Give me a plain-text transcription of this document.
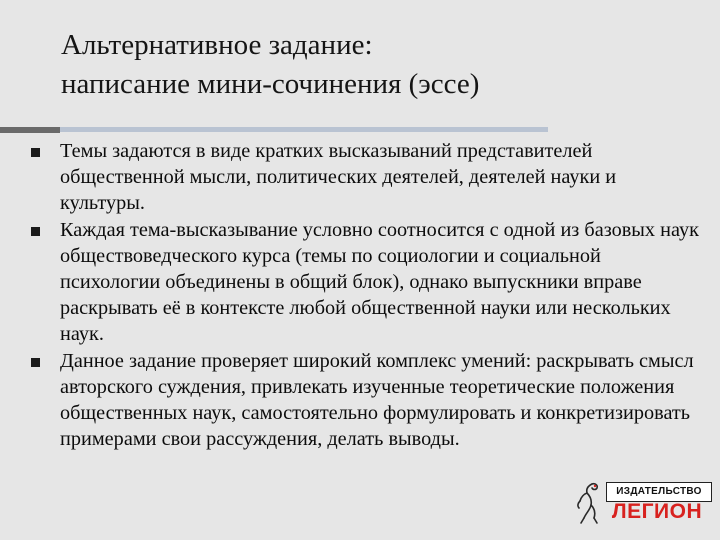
Альтернативное задание:
написание мини-сочинения (эссе)
Темы задаются в виде кратких высказываний представителей общественной мысли, политических деятелей, деятелей науки и культуры.
Каждая тема-высказывание условно соотносится с одной из базовых наук обществоведческого курса (темы по социологии и социальной психологии объединены в общий блок), однако выпускники вправе раскрывать её в контексте любой общественной науки или нескольких наук.
Данное задание проверяет широкий комплекс умений: раскрывать смысл авторского суждения, привлекать изученные теоретические положения общественных наук, самостоятельно формулировать и конкретизировать примерами свои рассуждения, делать выводы.
ИЗДАТЕЛЬСТВО
ЛЕГИОН
